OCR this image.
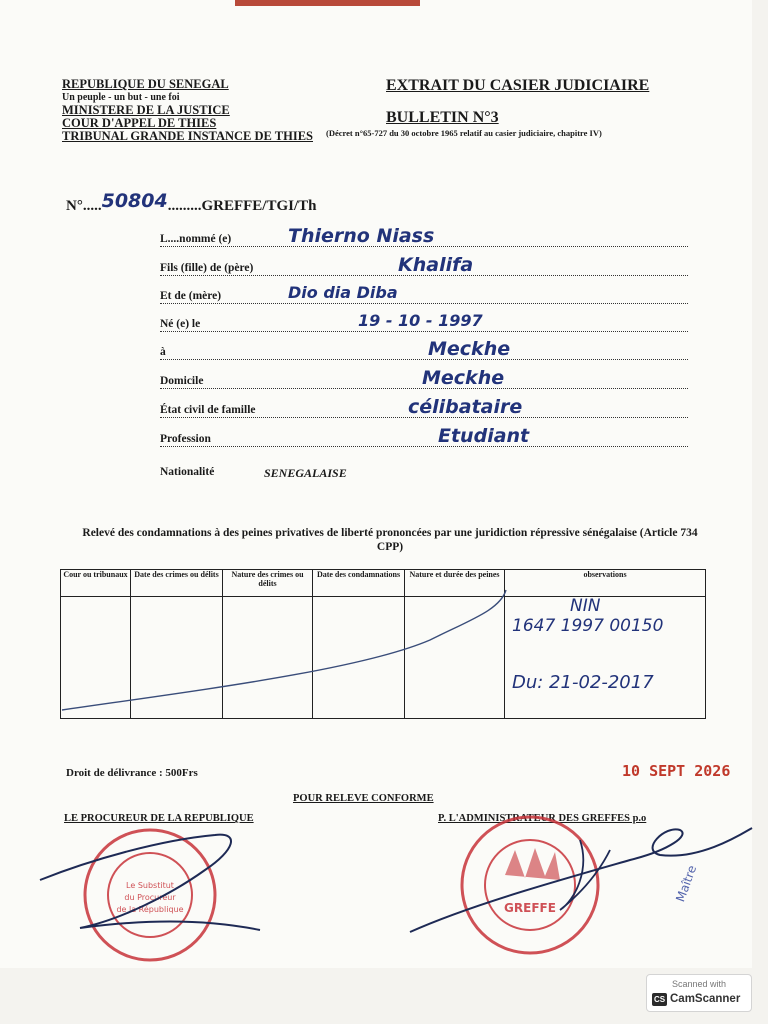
REPUBLIQUE DU SENEGAL
Un peuple - un but - une foi
MINISTERE DE LA JUSTICE
COUR D'APPEL DE THIES
TRIBUNAL GRANDE INSTANCE DE THIES
EXTRAIT DU CASIER JUDICIAIRE
BULLETIN N°3
(Décret n°65-727 du 30 octobre 1965 relatif au casier judiciaire, chapitre IV)
N°.....50804.........GREFFE/TGI/Th
L....nommé (e)	Thierno Niass
Fils (fille) de (père)	Khalifa
Et de (mère)	Dio dia Diba
Né (e) le	19 - 10 - 1997
à	Meckhe
Domicile	Meckhe
État civil de famille	célibataire
Profession	Etudiant
Nationalité	SENEGALAISE
Relevé des condamnations à des peines privatives de liberté prononcées par une juridiction répressive sénégalaise (Article 734 CPP)
Cour ou tribunaux	Date des crimes ou délits	Nature des crimes ou délits	Date des condamnations	Nature et durée des peines	observations

NIN
1647 1997 00150
Du: 21-02-2017
Droit de délivrance : 500Frs	10 SEPT 2026
POUR RELEVE CONFORME
LE PROCUREUR DE LA REPUBLIQUE	P. L'ADMINISTRATEUR DES GREFFES p.o
Le Substitut
du Procureur
de la République	GREFFE
Maître
Scanned with
CS CamScanner
